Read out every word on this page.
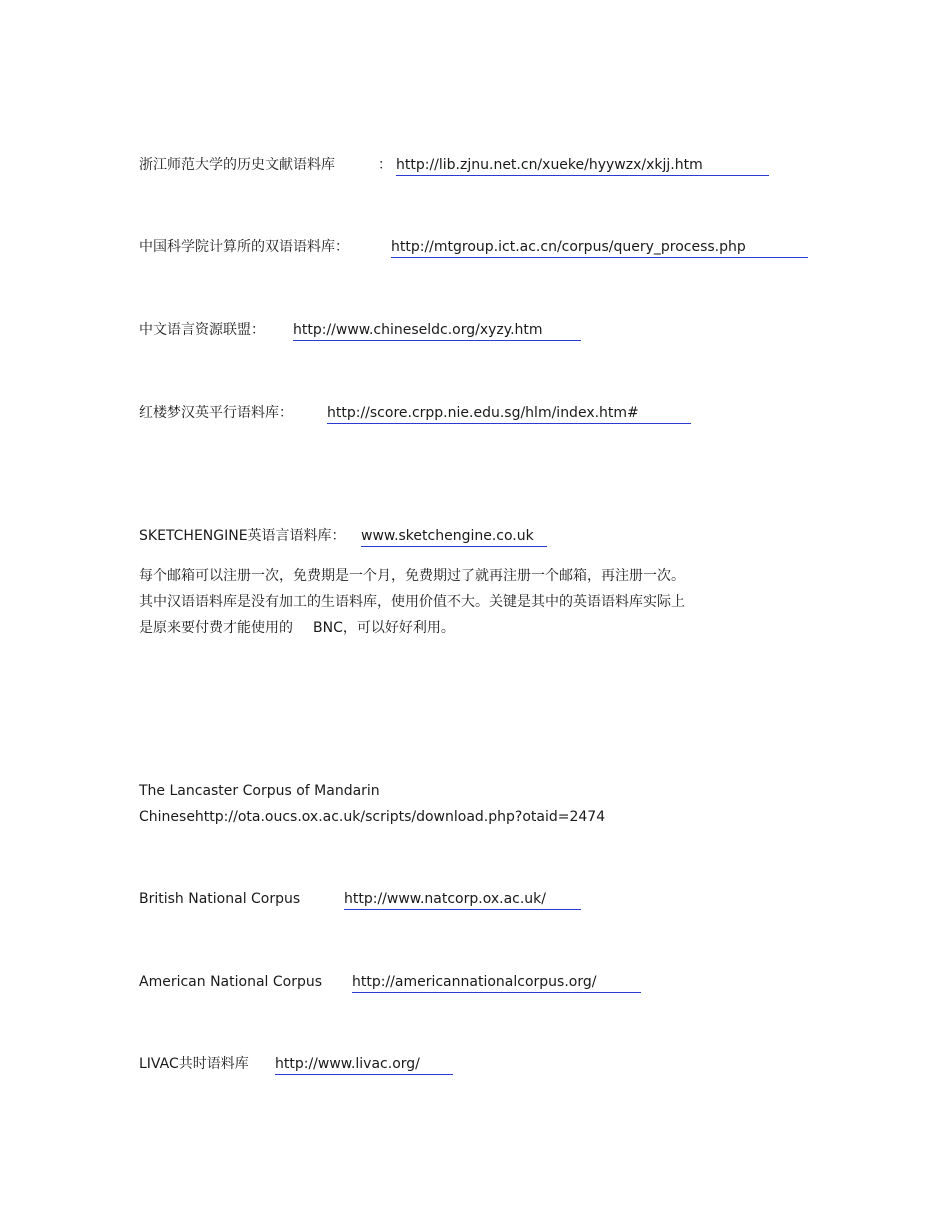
浙江师范大学的历史文献语料库	： http://lib.zjnu.net.cn/xueke/hyywzx/xkjj.htm
中国科学院计算所的双语语料库：	http://mtgroup.ict.ac.cn/corpus/query_process.php
中文语言资源联盟： http://www.chineseldc.org/xyzy.htm
红楼梦汉英平行语料库： http://score.crpp.nie.edu.sg/hlm/index.htm#
SKETCHENGINE英语言语料库： www.sketchengine.co.uk
每个邮箱可以注册一次，免费期是一个月，免费期过了就再注册一个邮箱，再注册一次。
其中汉语语料库是没有加工的生语料库，使用价值不大。关键是其中的英语语料库实际上
是原来要付费才能使用的 BNC，可以好好利用。
The Lancaster Corpus of Mandarin
Chinesehttp://ota.oucs.ox.ac.uk/scripts/download.php?otaid=2474
British National Corpus	http://www.natcorp.ox.ac.uk/
American National Corpus http://americannationalcorpus.org/
LIVAC共时语料库 http://www.livac.org/
